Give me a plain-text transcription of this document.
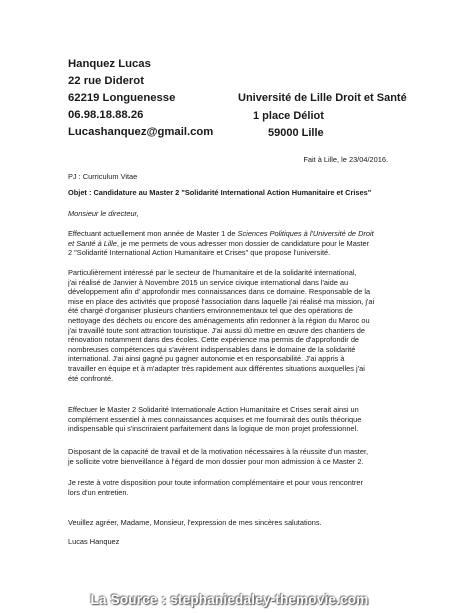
Hanquez Lucas
22 rue Diderot
62219 Longuenesse
06.98.18.88.26
Lucashanquez@gmail.com
Université de Lille Droit et Santé
1 place Déliot
59000 Lille
Fait à Lille, le 23/04/2016.
PJ : Curriculum Vitae
Objet : Candidature au Master 2 "Solidarité International Action Humanitaire et Crises"
Monsieur le directeur,
Effectuant actuellement mon année de Master 1 de Sciences Politiques à l'Université de Droit
et Santé à Lille, je me permets de vous adresser mon dossier de candidature pour le Master
2 "Solidarité International Action Humanitaire et Crises" que propose l'université.
Particulièrement intéressé par le secteur de l'humanitaire et de la solidarité international,
j'ai réalisé de Janvier à Novembre 2015 un service civique international dans l'aide au
développement afin d' approfondir mes connaissances dans ce domaine. Responsable de la
mise en place des activités que proposé l'association dans laquelle j'ai réalisé ma mission, j'ai
été chargé d'organiser plusieurs chantiers environnementaux tel que des opérations de
nettoyage des déchets ou encore des aménagements afin redonner à la région du Maroc ou
j'ai travaillé toute sont attraction touristique. J'ai aussi dû mettre en œuvre des chantiers de
rénovation notamment dans des écoles. Cette expérience ma permis de d'approfondir de
nombreuses compétences qui s'avèrent indispensables dans le domaine de la solidarité
international. J'ai ainsi gagné pu gagner autonomie et en responsabilité. J'ai appris à
travailler en équipe et à m'adapter très rapidement aux différentes situations auxquelles j'ai
été confronté.
Effectuer le Master 2 Solidarité Internationale Action Humanitaire et Crises serait ainsi un
complément essentiel à mes connaissances acquises et me fournirait des outils théorique
indispensable qui s'inscriraient parfaitement dans la logique de mon projet professionnel.
Disposant de la capacité de travail et de la motivation nécessaires à la réussite d'un master,
je sollicite votre bienveillance à l'égard de mon dossier pour mon admission à ce Master 2.
Je reste à votre disposition pour toute information complémentaire et pour vous rencontrer
lors d'un entretien.
Veuillez agréer, Madame, Monsieur, l'expression de mes sincères salutations.
Lucas Hanquez
La Source : stephaniedaley-themovie.com
